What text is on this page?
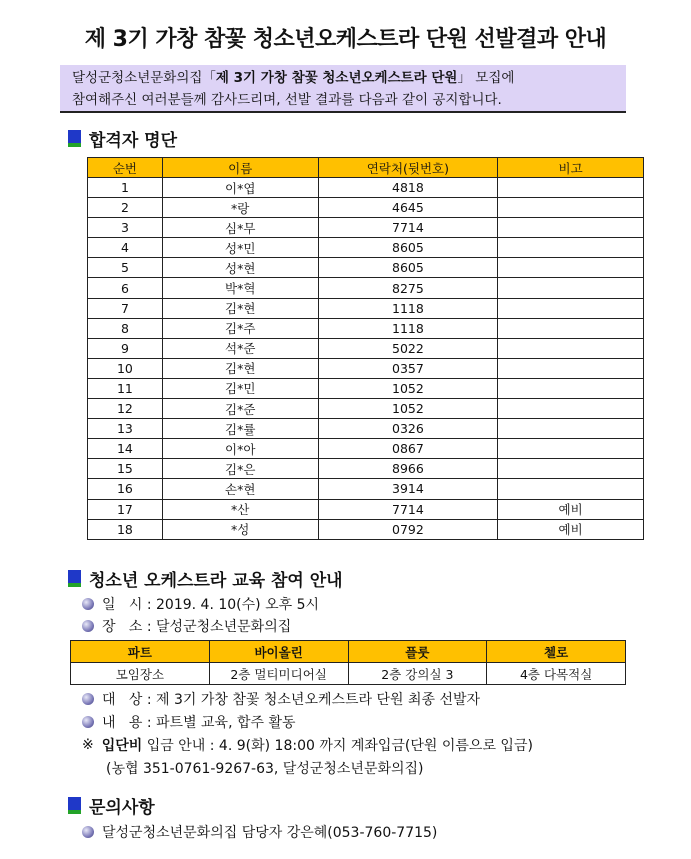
제 3기 가창 참꽃 청소년오케스트라 단원 선발결과 안내
달성군청소년문화의집「제 3기 가창 참꽃 청소년오케스트라 단원」 모집에
참여해주신 여러분들께 감사드리며, 선발 결과를 다음과 같이 공지합니다.
합격자 명단
순번	이름	연락처(뒷번호)	비고
1	이*엽	4818	
2	*랑	4645	
3	심*무	7714	
4	성*민	8605	
5	성*현	8605	
6	박*혁	8275	
7	김*현	1118	
8	김*주	1118	
9	석*준	5022	
10	김*현	0357	
11	김*민	1052	
12	김*준	1052	
13	김*률	0326	
14	이*아	0867	
15	김*은	8966	
16	손*현	3914	
17	*산	7714	예비
18	*성	0792	예비
청소년 오케스트라 교육 참여 안내
일   시 : 2019. 4. 10(수) 오후 5시
장   소 : 달성군청소년문화의집
파트	바이올린	플룻	첼로
모임장소	2층 멀티미디어실	2층 강의실 3	4층 다목적실
대   상 : 제 3기 가창 참꽃 청소년오케스트라 단원 최종 선발자
내   용 : 파트별 교육, 합주 활동
※ 입단비 입금 안내 : 4. 9(화) 18:00 까지 계좌입금(단원 이름으로 입금)
(농협 351-0761-9267-63, 달성군청소년문화의집)
문의사항
달성군청소년문화의집 담당자 강은혜(053-760-7715)
